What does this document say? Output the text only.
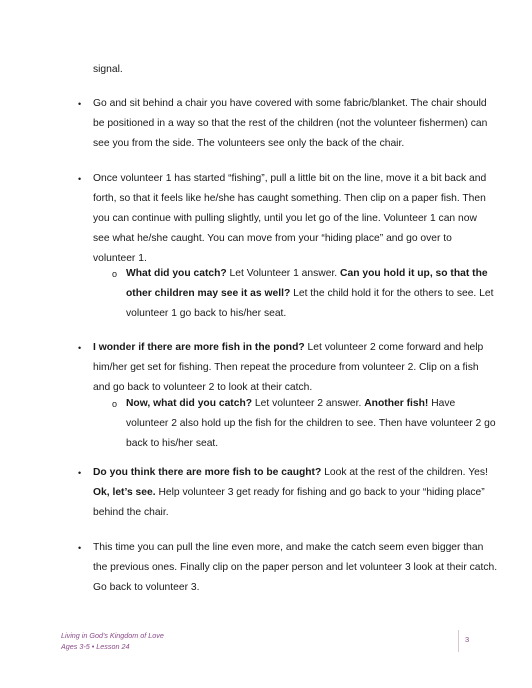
signal.
• Go and sit behind a chair you have covered with some fabric/blanket. The chair should
be positioned in a way so that the rest of the children (not the volunteer fishermen) can
see you from the side. The volunteers see only the back of the chair.
• Once volunteer 1 has started “fishing”, pull a little bit on the line, move it a bit back and
forth, so that it feels like he/she has caught something. Then clip on a paper fish. Then
you can continue with pulling slightly, until you let go of the line. Volunteer 1 can now
see what he/she caught. You can move from your “hiding place” and go over to
volunteer 1.
o What did you catch? Let Volunteer 1 answer. Can you hold it up, so that the
other children may see it as well? Let the child hold it for the others to see. Let
volunteer 1 go back to his/her seat.
• I wonder if there are more fish in the pond? Let volunteer 2 come forward and help
him/her get set for fishing. Then repeat the procedure from volunteer 2. Clip on a fish
and go back to volunteer 2 to look at their catch.
o Now, what did you catch? Let volunteer 2 answer. Another fish! Have
volunteer 2 also hold up the fish for the children to see. Then have volunteer 2 go
back to his/her seat.
• Do you think there are more fish to be caught? Look at the rest of the children. Yes!
Ok, let’s see. Help volunteer 3 get ready for fishing and go back to your “hiding place”
behind the chair.
• This time you can pull the line even more, and make the catch seem even bigger than
the previous ones. Finally clip on the paper person and let volunteer 3 look at their catch.
Go back to volunteer 3.
Living in God's Kingdom of Love
Ages 3-5 • Lesson 24
3
